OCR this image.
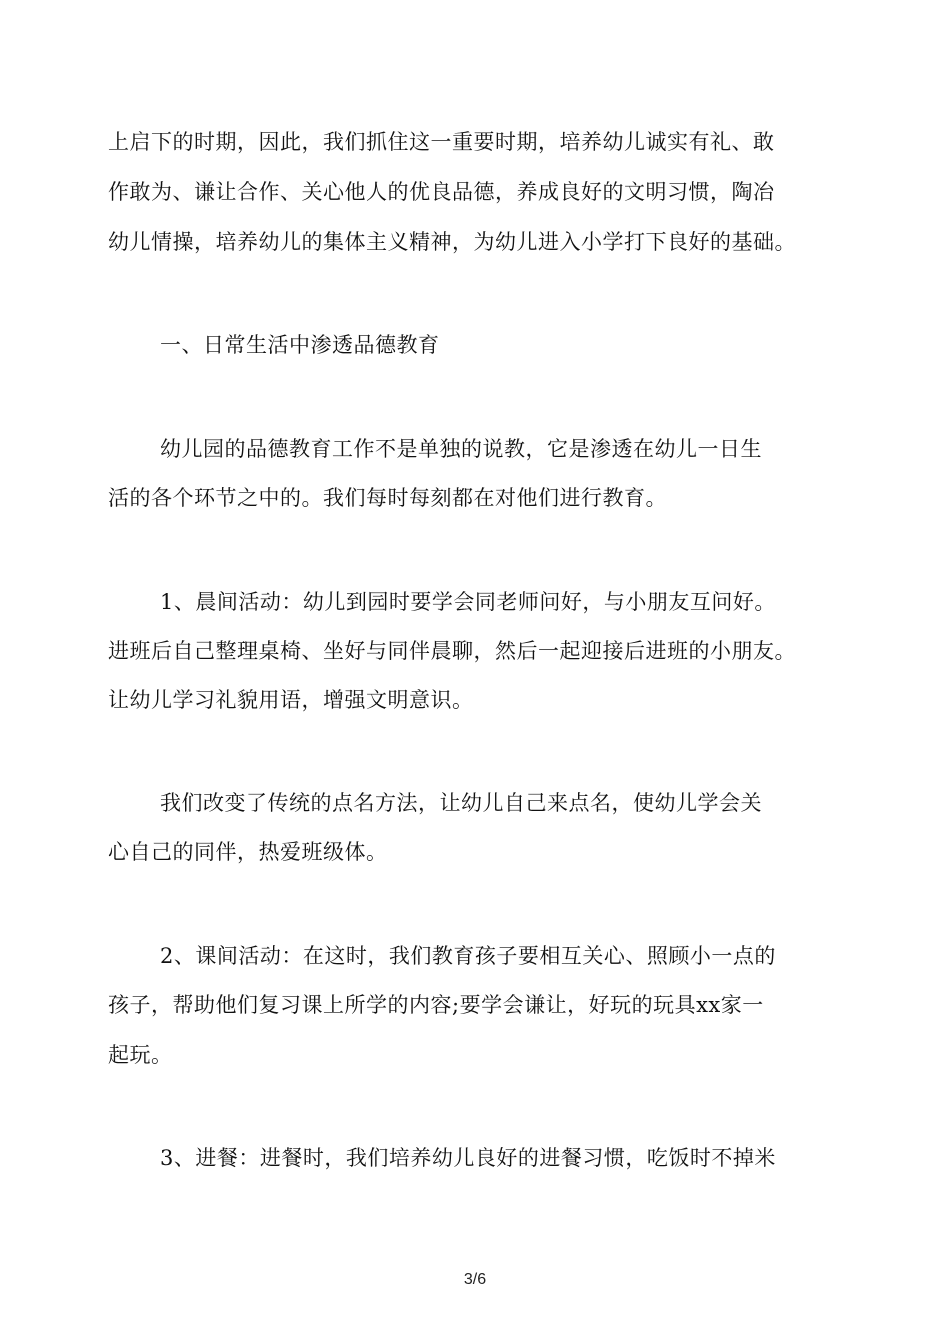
上启下的时期，因此，我们抓住这一重要时期，培养幼儿诚实有礼、敢
作敢为、谦让合作、关心他人的优良品德，养成良好的文明习惯，陶冶
幼儿情操，培养幼儿的集体主义精神，为幼儿进入小学打下良好的基础。
一、日常生活中渗透品德教育
幼儿园的品德教育工作不是单独的说教，它是渗透在幼儿一日生
活的各个环节之中的。我们每时每刻都在对他们进行教育。
1、晨间活动：幼儿到园时要学会同老师问好，与小朋友互问好。
进班后自己整理桌椅、坐好与同伴晨聊，然后一起迎接后进班的小朋友。
让幼儿学习礼貌用语，增强文明意识。
我们改变了传统的点名方法，让幼儿自己来点名，使幼儿学会关
心自己的同伴，热爱班级体。
2、课间活动：在这时，我们教育孩子要相互关心、照顾小一点的
孩子，帮助他们复习课上所学的内容;要学会谦让，好玩的玩具xx家一
起玩。
3、进餐：进餐时，我们培养幼儿良好的进餐习惯，吃饭时不掉米
3/6
